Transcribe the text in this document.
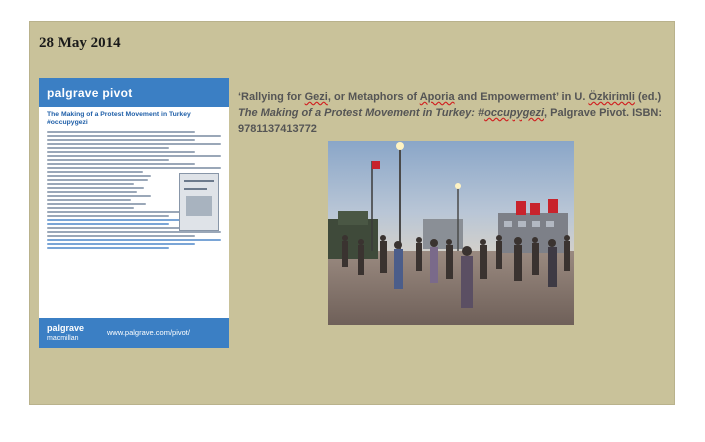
28 May 2014
palgrave pivot
The Making of a Protest Movement in Turkey #occupygezi
palgrave
macmillan
www.palgrave.com/pivot/
‘Rallying for Gezi, or Metaphors of Aporia and Empowerment’ in U. Özkirimli (ed.) The Making of a Protest Movement in Turkey: #occupygezi, Palgrave Pivot. ISBN: 9781137413772
